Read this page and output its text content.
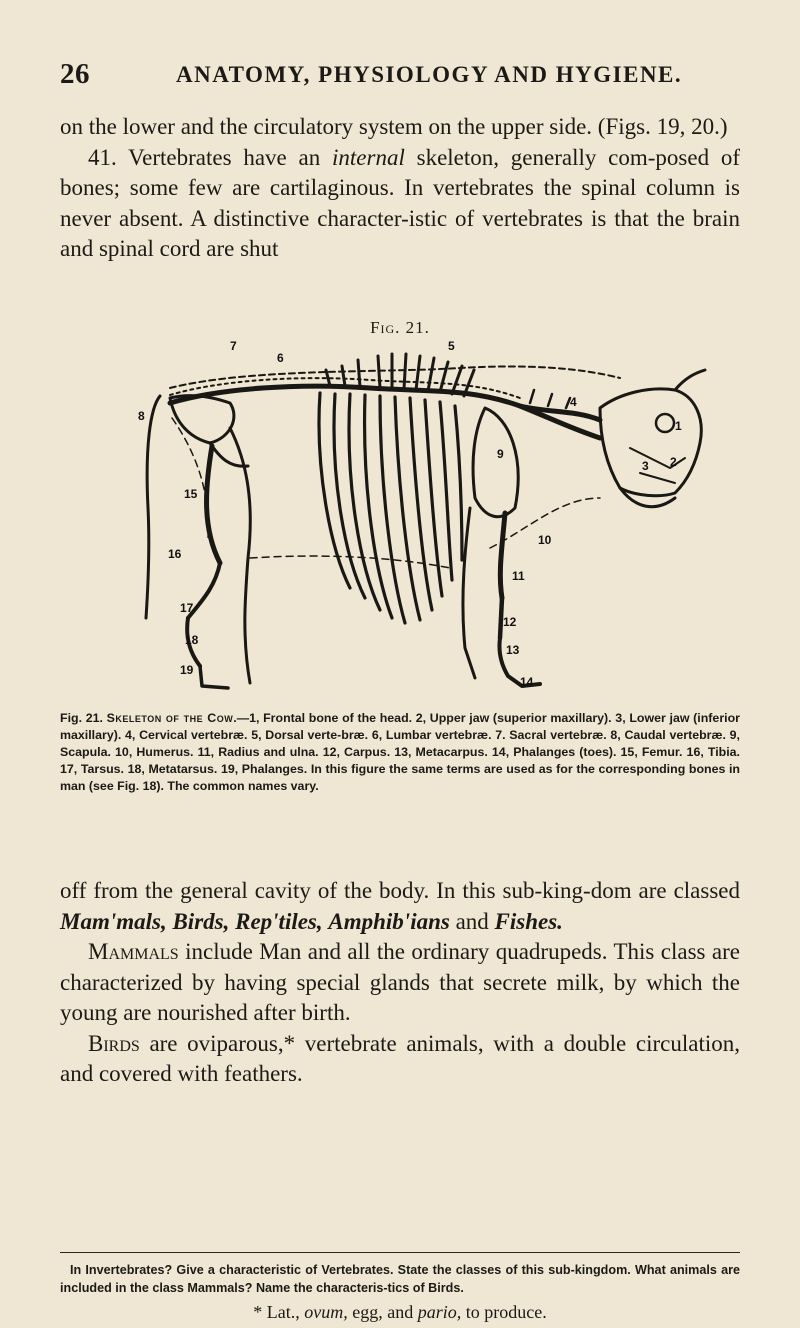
26	ANATOMY, PHYSIOLOGY AND HYGIENE.

on the lower and the circulatory system on the upper side. (Figs. 19, 20.)

41. Vertebrates have an internal skeleton, generally com-posed of bones; some few are cartilaginous. In vertebrates the spinal column is never absent. A distinctive character-istic of vertebrates is that the brain and spinal cord are shut

Fig. 21.
1
2
3
4
5
6
7
8
9
10
11
12
13
14
15
16
17
18
19
Fig. 21. Skeleton of the Cow.—1, Frontal bone of the head. 2, Upper jaw (superior maxillary). 3, Lower jaw (inferior maxillary). 4, Cervical vertebræ. 5, Dorsal verte-bræ. 6, Lumbar vertebræ. 7. Sacral vertebræ. 8, Caudal vertebræ. 9, Scapula. 10, Humerus. 11, Radius and ulna. 12, Carpus. 13, Metacarpus. 14, Phalanges (toes). 15, Femur. 16, Tibia. 17, Tarsus. 18, Metatarsus. 19, Phalanges. In this figure the same terms are used as for the corresponding bones in man (see Fig. 18). The common names vary.

off from the general cavity of the body. In this sub-king-dom are classed Mam'mals, Birds, Rep'tiles, Amphib'ians and Fishes.

Mammals include Man and all the ordinary quadrupeds. This class are characterized by having special glands that secrete milk, by which the young are nourished after birth.

Birds are oviparous,* vertebrate animals, with a double circulation, and covered with feathers.

In Invertebrates? Give a characteristic of Vertebrates. State the classes of this sub-kingdom. What animals are included in the class Mammals? Name the characteris-tics of Birds.
* Lat., ovum, egg, and pario, to produce.
